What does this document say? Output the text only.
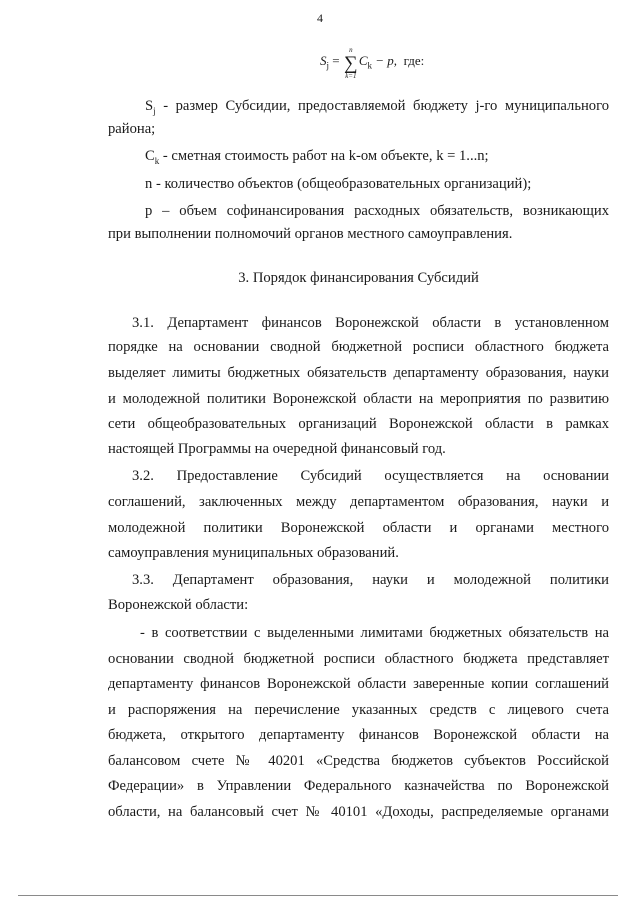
4
$S_j$ =
n
∑
k=1
$C_k - p$, где:

$S_j$ - размер Субсидии, предоставляемой бюджету j-го муниципального

района;

$C_k$ - сметная стоимость работ на k-ом объекте, k = 1...n;

n - количество объектов (общеобразовательных организаций);

p – объем софинансирования расходных обязательств, возникающих

при выполнении полномочий органов местного самоуправления.

3. Порядок финансирования Субсидий

3.1. Департамент финансов Воронежской области в установленном

порядке на основании сводной бюджетной росписи областного бюджета

выделяет лимиты бюджетных обязательств департаменту образования, науки

и молодежной политики Воронежской области на мероприятия по развитию

сети общеобразовательных организаций Воронежской области в рамках

настоящей Программы на очередной финансовый год.

3.2. Предоставление Субсидий осуществляется на основании

соглашений, заключенных между департаментом образования, науки и

молодежной политики Воронежской области и органами местного

самоуправления муниципальных образований.

3.3. Департамент образования, науки и молодежной политики

Воронежской области:

- в соответствии с выделенными лимитами бюджетных обязательств на

основании сводной бюджетной росписи областного бюджета представляет

департаменту финансов Воронежской области заверенные копии соглашений

и распоряжения на перечисление указанных средств с лицевого счета

бюджета, открытого департаменту финансов Воронежской области на

балансовом счете № 40201 «Средства бюджетов субъектов Российской

Федерации» в Управлении Федерального казначейства по Воронежской

области, на балансовый счет № 40101 «Доходы, распределяемые органами
